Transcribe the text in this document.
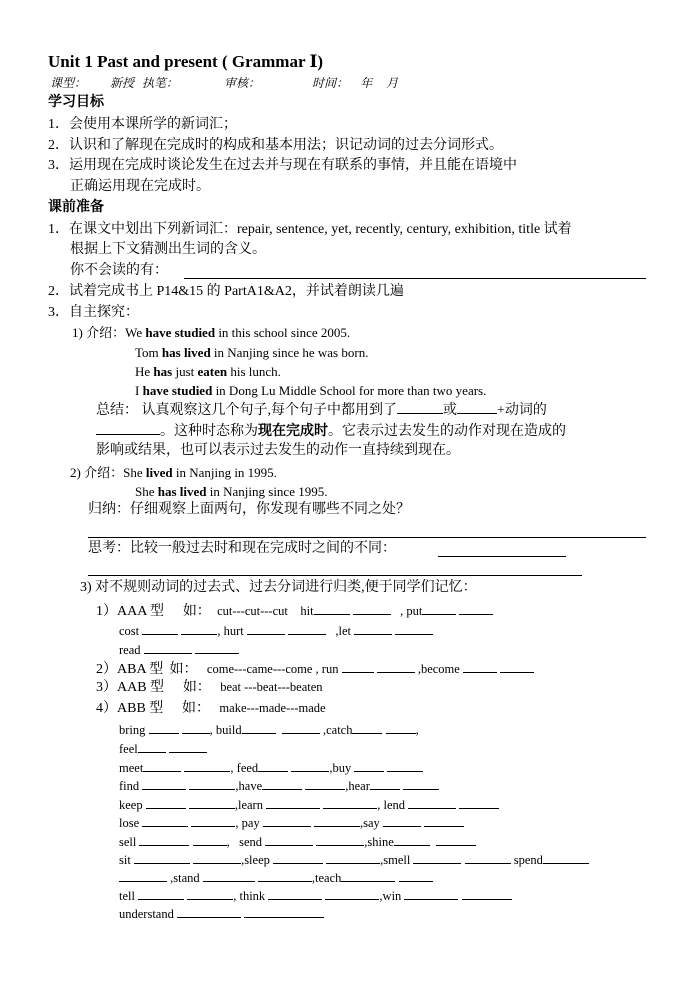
Unit 1 Past and present ( Grammar Ⅰ)
课型： 新授 执笔：	审核：	时间： 年 月
学习目标
1．会使用本课所学的新词汇；
2．认识和了解现在完成时的构成和基本用法；识记动词的过去分词形式。
3．运用现在完成时谈论发生在过去并与现在有联系的事情，并且能在语境中
正确运用现在完成时。
课前准备
1．在课文中划出下列新词汇：repair, sentence, yet, recently, century, exhibition, title 试着
根据上下文猜测出生词的含义。
你不会读的有：
2．试着完成书上 P14&15 的 PartA1&A2，并试着朗读几遍
3．自主探究：
1) 介绍：We have studied in this school since 2005.
Tom has lived in Nanjing since he was born.
He has just eaten his lunch.
I have studied in Dong Lu Middle School for more than two years.
总结： 认真观察这几个句子,每个句子中都用到了	或	+动词的
。这种时态称为现在完成时。它表示过去发生的动作对现在造成的
影响或结果，也可以表示过去发生的动作一直持续到现在。
2) 介绍：She lived in Nanjing in 1995.
She has lived in Nanjing since 1995.
归纳：仔细观察上面两句，你发现有哪些不同之处？
思考：比较一般过去时和现在完成时之间的不同：
3) 对不规则动词的过去式、过去分词进行归类,便于同学们记忆：
1）AAA 型 如： cut---cut---cut hit	, put
cost	, hurt	,let
read
2）ABA 型 如： come---came---come , run	,become
3）AAB 型 如： beat ---beat---beaten
4）ABB 型 如： make---made---made
bring	, build	,catch	,
feel
meet	, feed	,buy
find	,have	,hear
keep	,learn	, lend
lose	, pay	,say
sell	, send	,shine
sit	,sleep	,smell	spend
,stand	,teach
tell	, think	,win
understand
